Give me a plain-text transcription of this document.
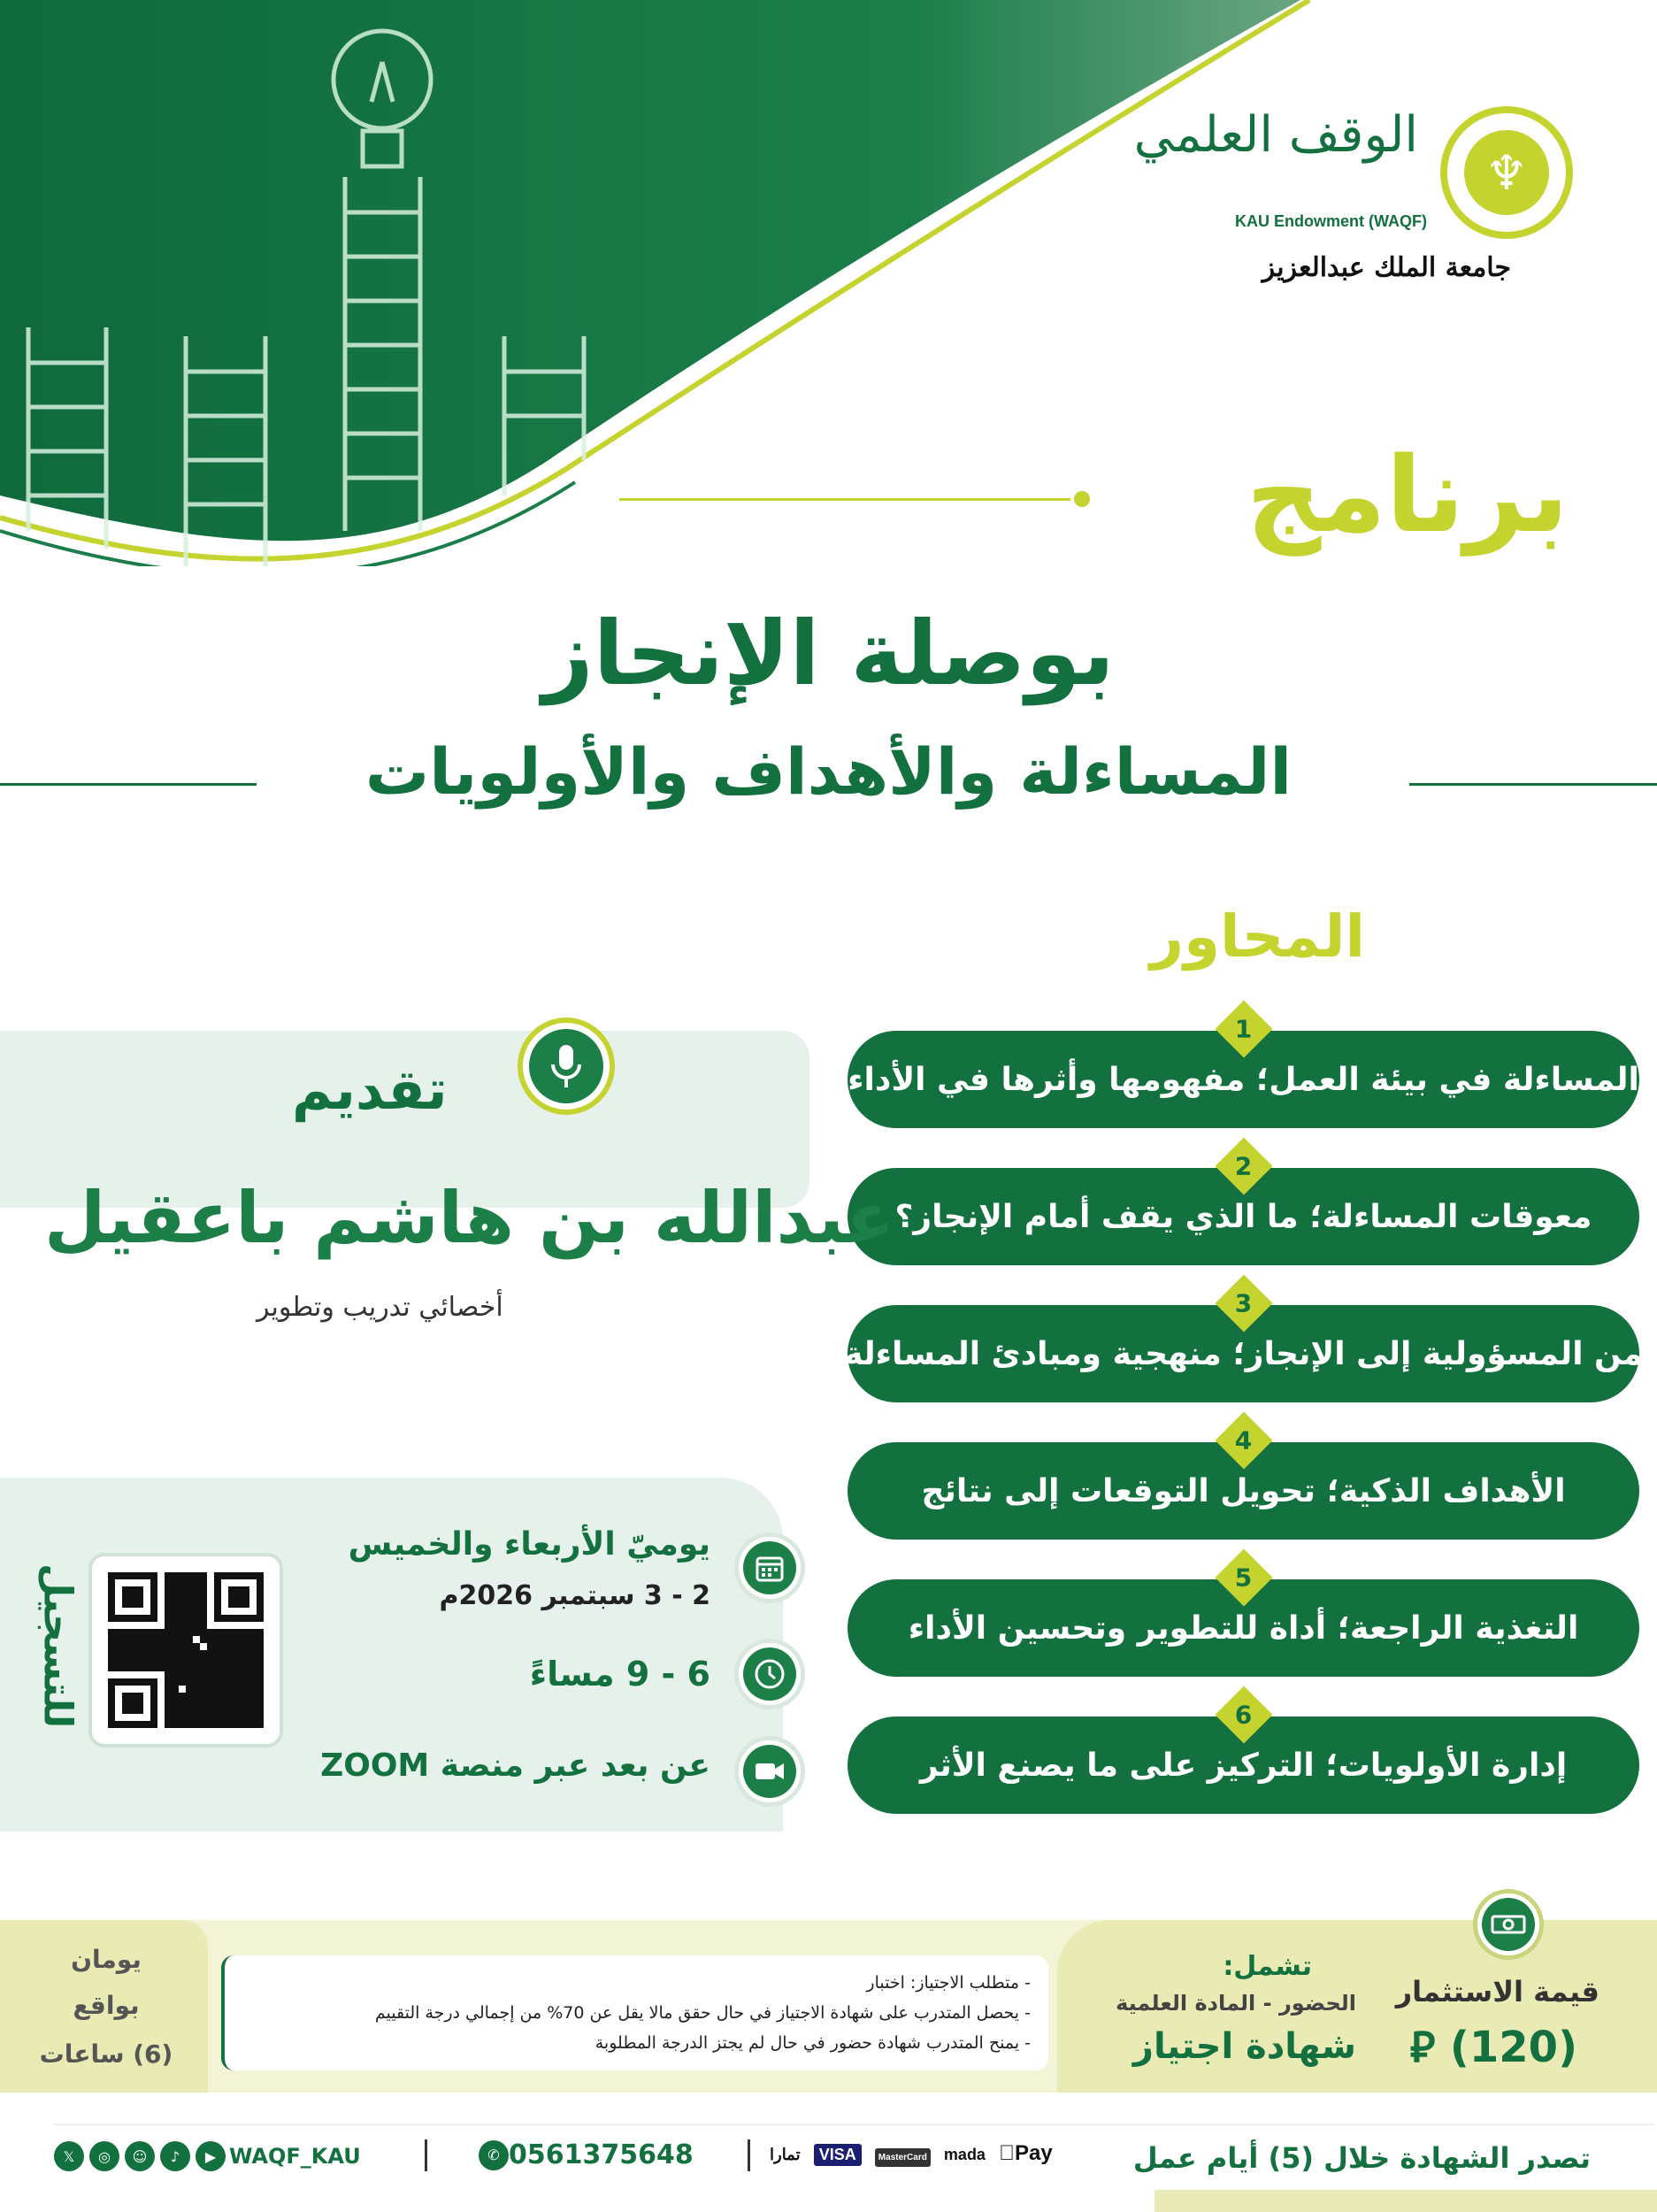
♆
الوقف العلمي
KAU Endowment (WAQF)
جامعة الملك عبدالعزيز
برنامج
بوصلة الإنجاز
المساءلة والأهداف والأولويات
المحاور
1
المساءلة في بيئة العمل؛ مفهومها وأثرها في الأداء
2
معوقات المساءلة؛ ما الذي يقف أمام الإنجاز؟
3
من المسؤولية إلى الإنجاز؛ منهجية ومبادئ المساءلة
4
الأهداف الذكية؛ تحويل التوقعات إلى نتائج
5
التغذية الراجعة؛ أداة للتطوير وتحسين الأداء
6
إدارة الأولويات؛ التركيز على ما يصنع الأثر
تقديم
عبدالله بن هاشم باعقيل
أخصائي تدريب وتطوير
يوميّ الأربعاء والخميس
2 - 3 سبتمبر 2026م
6 - 9 مساءً
عن بعد عبر منصة ZOOM
للتسجيل
يومان
بواقع
(6) ساعات
- متطلب الاجتياز: اختبار
- يحصل المتدرب على شهادة الاجتياز في حال حقق مالا يقل عن 70% من إجمالي درجة التقييم
- يمنح المتدرب شهادة حضور في حال لم يجتز الدرجة المطلوبة
تشمل:
الحضور - المادة العلمية
شهادة اجتياز
قيمة الاستثمار
(120) ⃁
تصدر الشهادة خلال (5) أيام عمل
تمارا VISA	MasterCard mada Pay
✆ 0561375648
𝕏	◎	☺	♪	▶ WAQF_KAU
